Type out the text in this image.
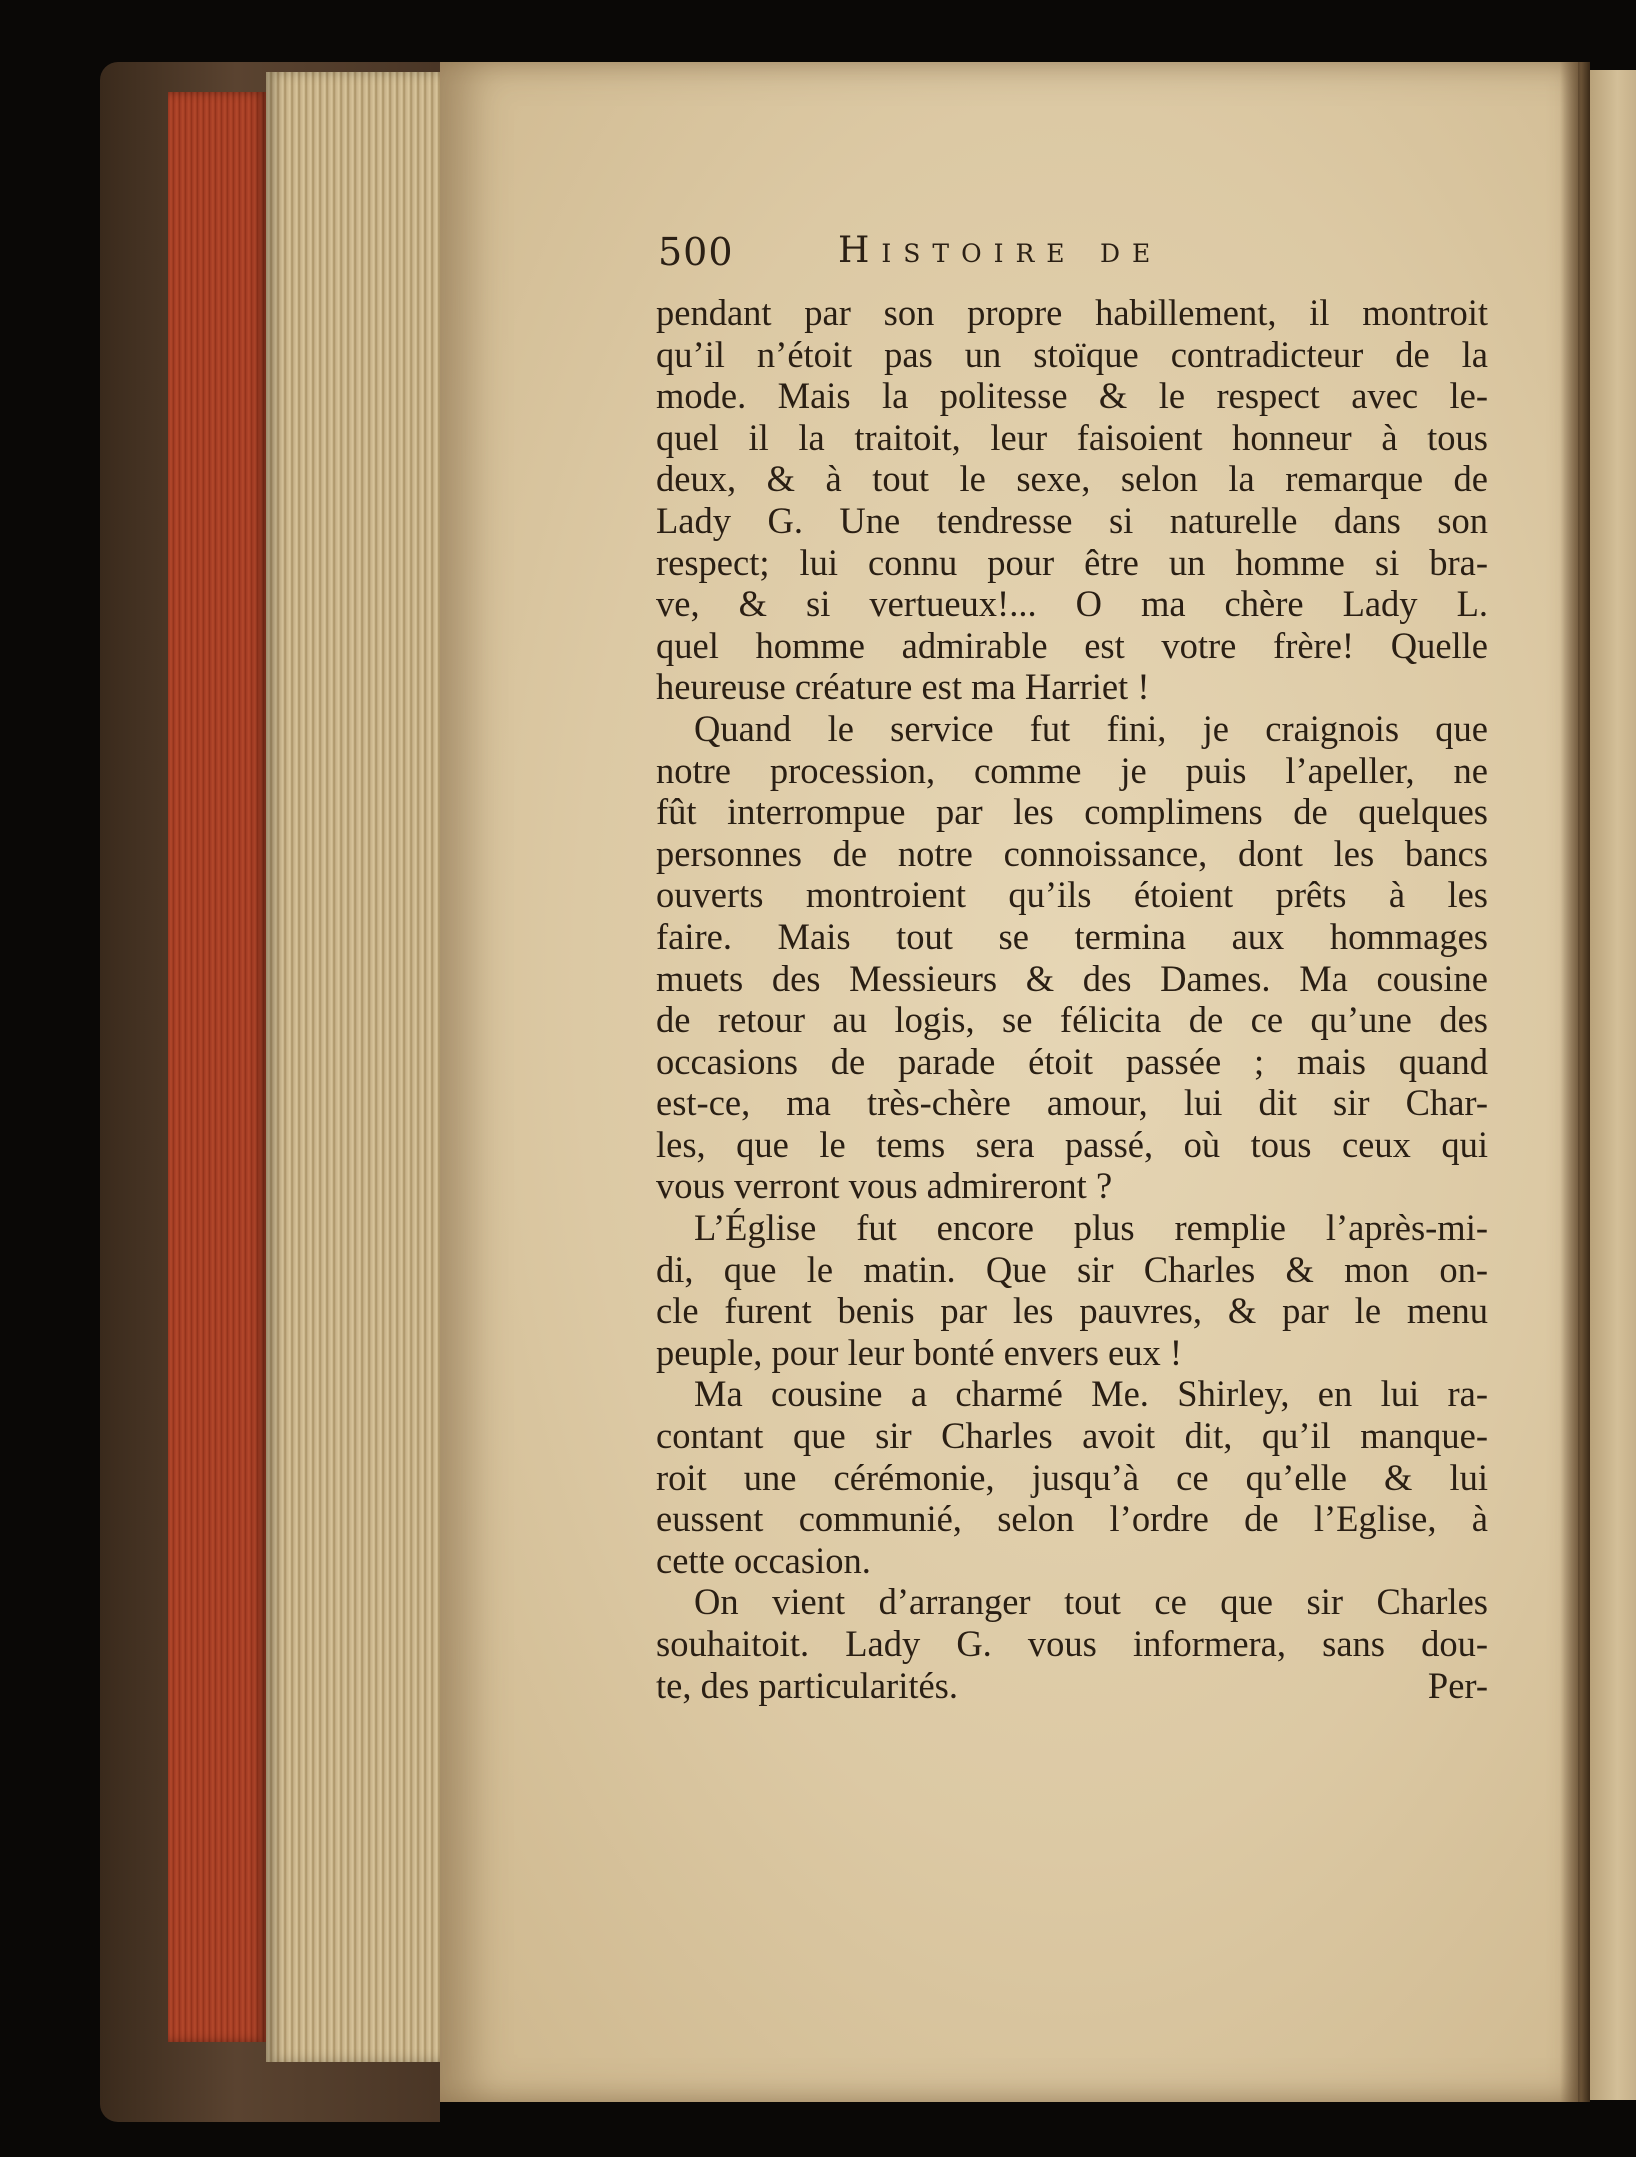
500	Histoire de
pendant par son propre habillement, il montroit
qu’il n’étoit pas un stoïque contradicteur de la
mode. Mais la politesse & le respect avec le-
quel il la traitoit, leur faisoient honneur à tous
deux, & à tout le sexe, selon la remarque de
Lady G. Une tendresse si naturelle dans son
respect; lui connu pour être un homme si bra-
ve, & si vertueux!... O ma chère Lady L.
quel homme admirable est votre frère! Quelle
heureuse créature est ma Harriet !
Quand le service fut fini, je craignois que
notre procession, comme je puis l’apeller, ne
fût interrompue par les complimens de quelques
personnes de notre connoissance, dont les bancs
ouverts montroient qu’ils étoient prêts à les
faire. Mais tout se termina aux hommages
muets des Messieurs & des Dames. Ma cousine
de retour au logis, se félicita de ce qu’une des
occasions de parade étoit passée ; mais quand
est-ce, ma très-chère amour, lui dit sir Char-
les, que le tems sera passé, où tous ceux qui
vous verront vous admireront ?
L’Église fut encore plus remplie l’après-mi-
di, que le matin. Que sir Charles & mon on-
cle furent benis par les pauvres, & par le menu
peuple, pour leur bonté envers eux !
Ma cousine a charmé Me. Shirley, en lui ra-
contant que sir Charles avoit dit, qu’il manque-
roit une cérémonie, jusqu’à ce qu’elle & lui
eussent communié, selon l’ordre de l’Eglise, à
cette occasion.
On vient d’arranger tout ce que sir Charles
souhaitoit. Lady G. vous informera, sans dou-
te, des particularités.	Per-
